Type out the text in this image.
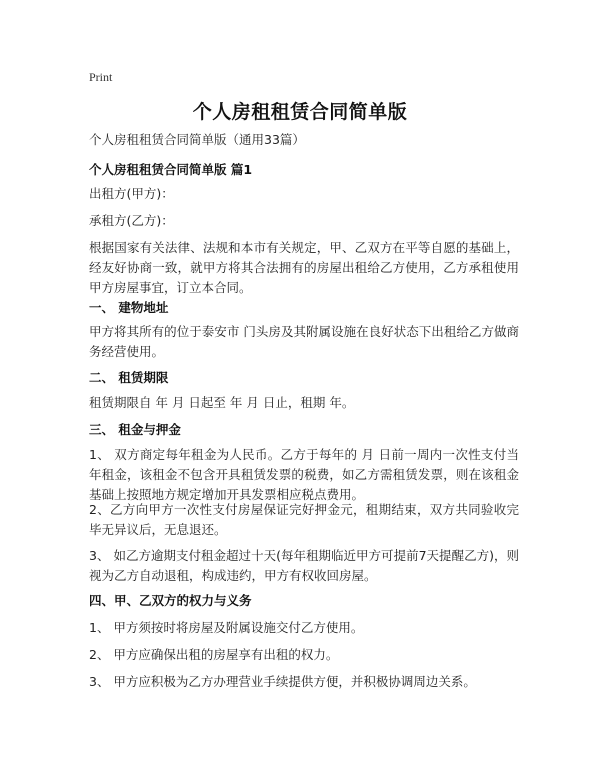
Print
个人房租租赁合同简单版
个人房租租赁合同简单版（通用33篇）
个人房租租赁合同简单版 篇1
出租方(甲方)：
承租方(乙方)：
根据国家有关法律、法规和本市有关规定，甲、乙双方在平等自愿的基础上，经友好协商一致，就甲方将其合法拥有的房屋出租给乙方使用，乙方承租使用甲方房屋事宜，订立本合同。
一、 建物地址
甲方将其所有的位于泰安市 门头房及其附属设施在良好状态下出租给乙方做商务经营使用。
二、 租赁期限
租赁期限自 年 月 日起至 年 月 日止，租期 年。
三、 租金与押金
1、 双方商定每年租金为人民币。乙方于每年的 月 日前一周内一次性支付当年租金，该租金不包含开具租赁发票的税费，如乙方需租赁发票，则在该租金基础上按照地方规定增加开具发票相应税点费用。
2、乙方向甲方一次性支付房屋保证完好押金元，租期结束，双方共同验收完毕无异议后，无息退还。
3、 如乙方逾期支付租金超过十天(每年租期临近甲方可提前7天提醒乙方)，则视为乙方自动退租，构成违约，甲方有权收回房屋。
四、甲、乙双方的权力与义务
1、 甲方须按时将房屋及附属设施交付乙方使用。
2、 甲方应确保出租的房屋享有出租的权力。
3、 甲方应积极为乙方办理营业手续提供方便，并积极协调周边关系。
